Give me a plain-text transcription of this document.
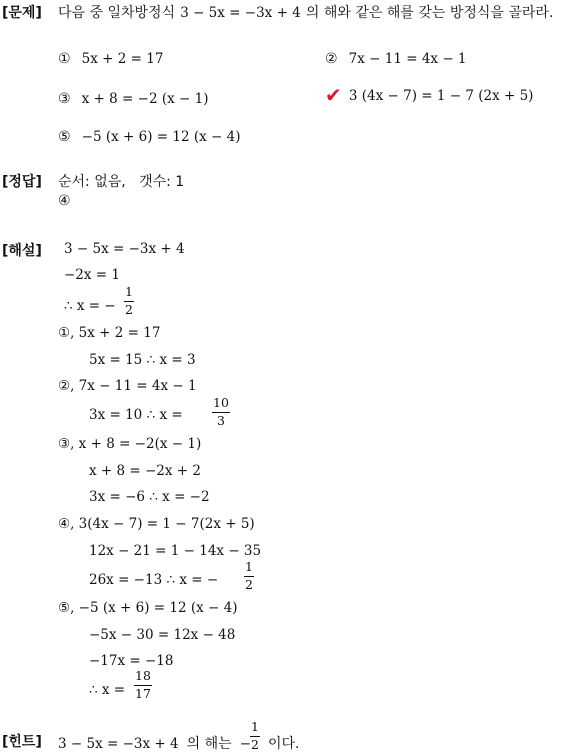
[문제] 다음 중 일차방정식 3 − 5x = −3x + 4 의 해와 같은 해를 갖는 방정식을 골라라.
① 5x + 2 = 17	② 7x − 11 = 4x − 1
③ x + 8 = −2 (x − 1)	✔ 3 (4x − 7) = 1 − 7 (2x + 5)
⑤ −5 (x + 6) = 12 (x − 4)
[정답] 순서: 없음,   갯수: 1
④
[해설] 3 − 5x = −3x + 4
−2x = 1
∴ x = − $\frac{1}{2}$
①, 5x + 2 = 17
5x = 15 ∴ x = 3
②, 7x − 11 = 4x − 1
3x = 10 ∴ $x = \frac{10}{3}$
③, x + 8 = −2(x − 1)
x + 8 = −2x + 2
3x = −6 ∴ x = −2
④, 3(4x − 7) = 1 − 7(2x + 5)
12x − 21 = 1 − 14x − 35
26x = −13 ∴ x = − $\frac{1}{2}$
⑤, −5 (x + 6) = 12 (x − 4)
−5x − 30 = 12x − 48
−17x = −18
∴ $x = \frac{18}{17}$
[힌트] 3 − 5x = −3x + 4 의 해는 −
$\frac{1}{2}$ 이다.
